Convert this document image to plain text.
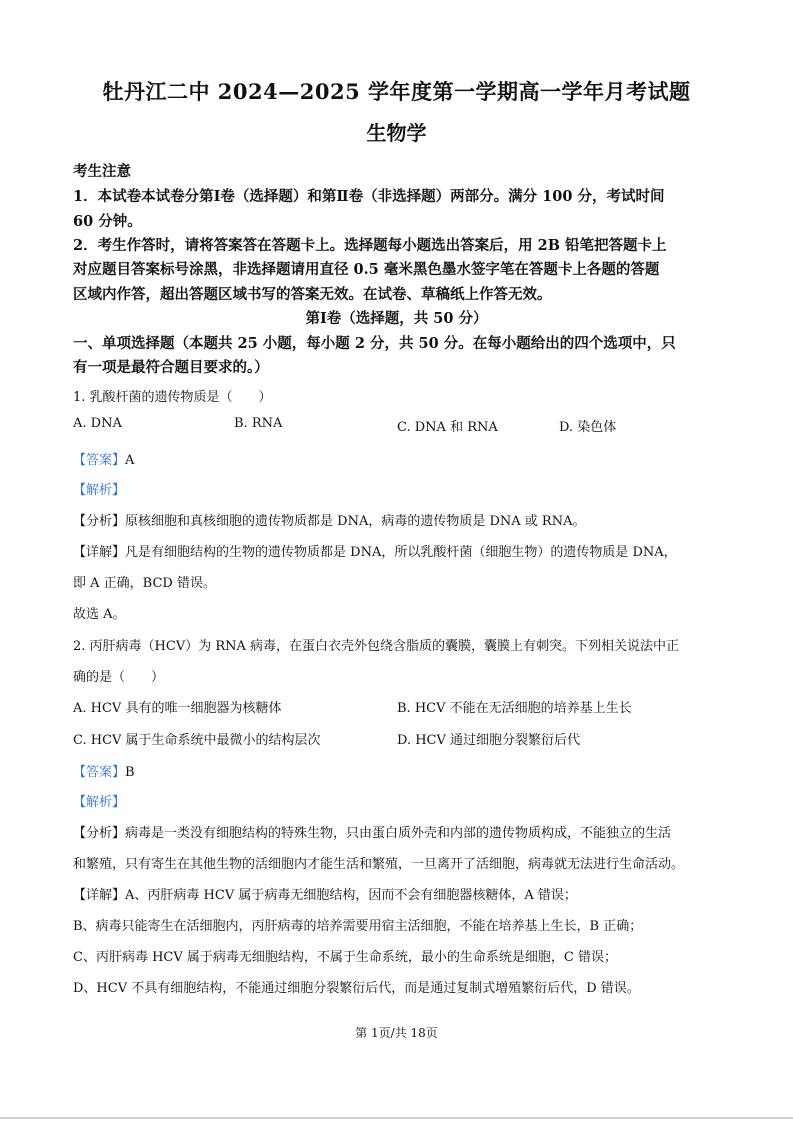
牡丹江二中 2024—2025 学年度第一学期高一学年月考试题
生物学
考生注意
1．本试卷本试卷分第Ⅰ卷（选择题）和第Ⅱ卷（非选择题）两部分。满分 100 分，考试时间
60 分钟。
2．考生作答时，请将答案答在答题卡上。选择题每小题选出答案后，用 2B 铅笔把答题卡上
对应题目答案标号涂黑，非选择题请用直径 0.5 毫米黑色墨水签字笔在答题卡上各题的答题
区域内作答，超出答题区域书写的答案无效。在试卷、草稿纸上作答无效。
第Ⅰ卷（选择题，共 50 分）
一、单项选择题（本题共 25 小题，每小题 2 分，共 50 分。在每小题给出的四个选项中，只
有一项是最符合题目要求的。）
1. 乳酸杆菌的遗传物质是（　　）
A. DNA	B. RNA	C. DNA 和 RNA	D. 染色体
【答案】A
【解析】
【分析】原核细胞和真核细胞的遗传物质都是 DNA，病毒的遗传物质是 DNA 或 RNA。
【详解】凡是有细胞结构的生物的遗传物质都是 DNA，所以乳酸杆菌（细胞生物）的遗传物质是 DNA，
即 A 正确，BCD 错误。
故选 A。
2. 丙肝病毒（HCV）为 RNA 病毒，在蛋白衣壳外包绕含脂质的囊膜，囊膜上有刺突。下列相关说法中正
确的是（　　）
A. HCV 具有的唯一细胞器为核糖体	B. HCV 不能在无活细胞的培养基上生长
C. HCV 属于生命系统中最微小的结构层次	D. HCV 通过细胞分裂繁衍后代
【答案】B
【解析】
【分析】病毒是一类没有细胞结构的特殊生物，只由蛋白质外壳和内部的遗传物质构成，不能独立的生活
和繁殖，只有寄生在其他生物的活细胞内才能生活和繁殖，一旦离开了活细胞，病毒就无法进行生命活动。
【详解】A、丙肝病毒 HCV 属于病毒无细胞结构，因而不会有细胞器核糖体，A 错误；
B、病毒只能寄生在活细胞内，丙肝病毒的培养需要用宿主活细胞，不能在培养基上生长，B 正确；
C、丙肝病毒 HCV 属于病毒无细胞结构，不属于生命系统，最小的生命系统是细胞，C 错误；
D、HCV 不具有细胞结构，不能通过细胞分裂繁衍后代，而是通过复制式增殖繁衍后代，D 错误。
第 1页/共 18页
